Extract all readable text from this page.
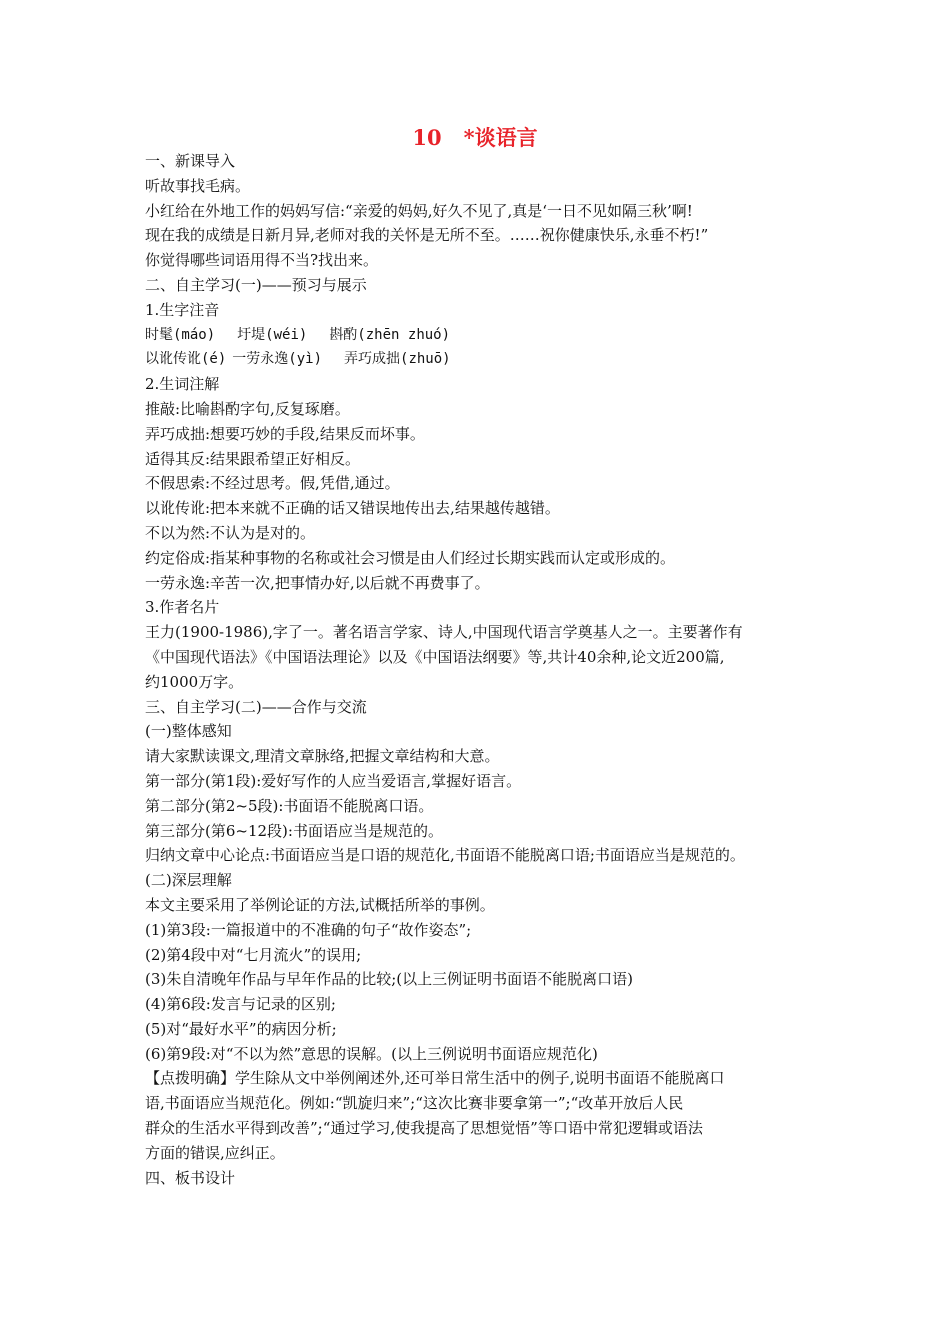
10 *谈语言

一、新课导入

听故事找毛病。

小红给在外地工作的妈妈写信:“亲爱的妈妈,好久不见了,真是‘一日不见如隔三秋’啊!

现在我的成绩是日新月异,老师对我的关怀是无所不至。……祝你健康快乐,永垂不朽!”

你觉得哪些词语用得不当?找出来。

二、自主学习(一)——预习与展示

1.生字注音

时髦(máo) 圩堤(wéi) 斟酌(zhēn zhuó)

以讹传讹(é) 一劳永逸(yì) 弄巧成拙(zhuō)

2.生词注解

推敲:比喻斟酌字句,反复琢磨。

弄巧成拙:想要巧妙的手段,结果反而坏事。

适得其反:结果跟希望正好相反。

不假思索:不经过思考。假,凭借,通过。

以讹传讹:把本来就不正确的话又错误地传出去,结果越传越错。

不以为然:不认为是对的。

约定俗成:指某种事物的名称或社会习惯是由人们经过长期实践而认定或形成的。

一劳永逸:辛苦一次,把事情办好,以后就不再费事了。

3.作者名片

王力(1900-1986),字了一。著名语言学家、诗人,中国现代语言学奠基人之一。主要著作有

《中国现代语法》《中国语法理论》以及《中国语法纲要》等,共计40余种,论文近200篇,

约1000万字。

三、自主学习(二)——合作与交流

(一)整体感知

请大家默读课文,理清文章脉络,把握文章结构和大意。

第一部分(第1段):爱好写作的人应当爱语言,掌握好语言。

第二部分(第2~5段):书面语不能脱离口语。

第三部分(第6~12段):书面语应当是规范的。

归纳文章中心论点:书面语应当是口语的规范化,书面语不能脱离口语;书面语应当是规范的。

(二)深层理解

本文主要采用了举例论证的方法,试概括所举的事例。

(1)第3段:一篇报道中的不准确的句子“故作姿态”;

(2)第4段中对“七月流火”的误用;

(3)朱自清晚年作品与早年作品的比较;(以上三例证明书面语不能脱离口语)

(4)第6段:发言与记录的区别;

(5)对“最好水平”的病因分析;

(6)第9段:对“不以为然”意思的误解。(以上三例说明书面语应规范化)

【点拨明确】学生除从文中举例阐述外,还可举日常生活中的例子,说明书面语不能脱离口

语,书面语应当规范化。例如:“凯旋归来”;“这次比赛非要拿第一”;“改革开放后人民

群众的生活水平得到改善”;“通过学习,使我提高了思想觉悟”等口语中常犯逻辑或语法

方面的错误,应纠正。

四、板书设计
